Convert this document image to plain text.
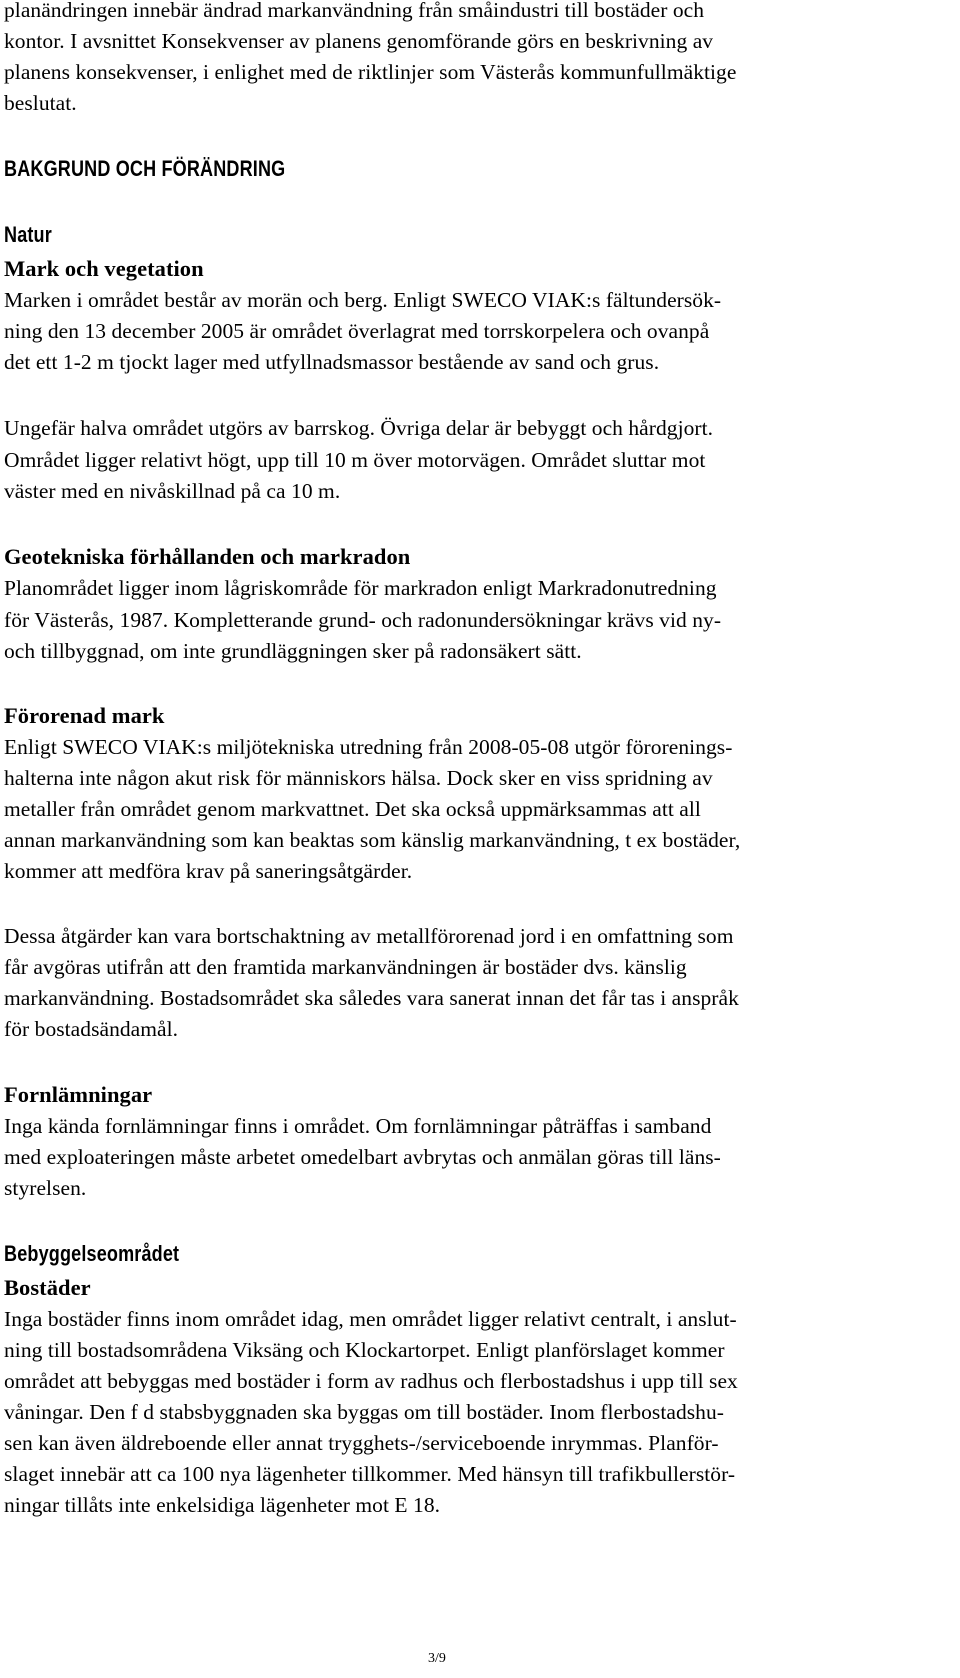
planändringen innebär ändrad markanvändning från småindustri till bostäder och
kontor. I avsnittet Konsekvenser av planens genomförande görs en beskrivning av
planens konsekvenser, i enlighet med de riktlinjer som Västerås kommunfullmäktige
beslutat.
BAKGRUND OCH FÖRÄNDRING
Natur
Mark och vegetation
Marken i området består av morän och berg. Enligt SWECO VIAK:s fältundersök-
ning den 13 december 2005 är området överlagrat med torrskorpelera och ovanpå
det ett 1-2 m tjockt lager med utfyllnadsmassor bestående av sand och grus.
Ungefär halva området utgörs av barrskog. Övriga delar är bebyggt och hårdgjort.
Området ligger relativt högt, upp till 10 m över motorvägen. Området sluttar mot
väster med en nivåskillnad på ca 10 m.
Geotekniska förhållanden och markradon
Planområdet ligger inom lågriskområde för markradon enligt Markradonutredning
för Västerås, 1987. Kompletterande grund- och radonundersökningar krävs vid ny-
och tillbyggnad, om inte grundläggningen sker på radonsäkert sätt.
Förorenad mark
Enligt SWECO VIAK:s miljötekniska utredning från 2008-05-08 utgör förorenings-
halterna inte någon akut risk för människors hälsa. Dock sker en viss spridning av
metaller från området genom markvattnet. Det ska också uppmärksammas att all
annan markanvändning som kan beaktas som känslig markanvändning, t ex bostäder,
kommer att medföra krav på saneringsåtgärder.
Dessa åtgärder kan vara bortschaktning av metallförorenad jord i en omfattning som
får avgöras utifrån att den framtida markanvändningen är bostäder dvs. känslig
markanvändning. Bostadsområdet ska således vara sanerat innan det får tas i anspråk
för bostadsändamål.
Fornlämningar
Inga kända fornlämningar finns i området. Om fornlämningar påträffas i samband
med exploateringen måste arbetet omedelbart avbrytas och anmälan göras till läns-
styrelsen.
Bebyggelseområdet
Bostäder
Inga bostäder finns inom området idag, men området ligger relativt centralt, i anslut-
ning till bostadsområdena Viksäng och Klockartorpet. Enligt planförslaget kommer
området att bebyggas med bostäder i form av radhus och flerbostadshus i upp till sex
våningar. Den f d stabsbyggnaden ska byggas om till bostäder. Inom flerbostadshu-
sen kan även äldreboende eller annat trygghets-/serviceboende inrymmas. Planför-
slaget innebär att ca 100 nya lägenheter tillkommer. Med hänsyn till trafikbullerstör-
ningar tillåts inte enkelsidiga lägenheter mot E 18.
3/9
